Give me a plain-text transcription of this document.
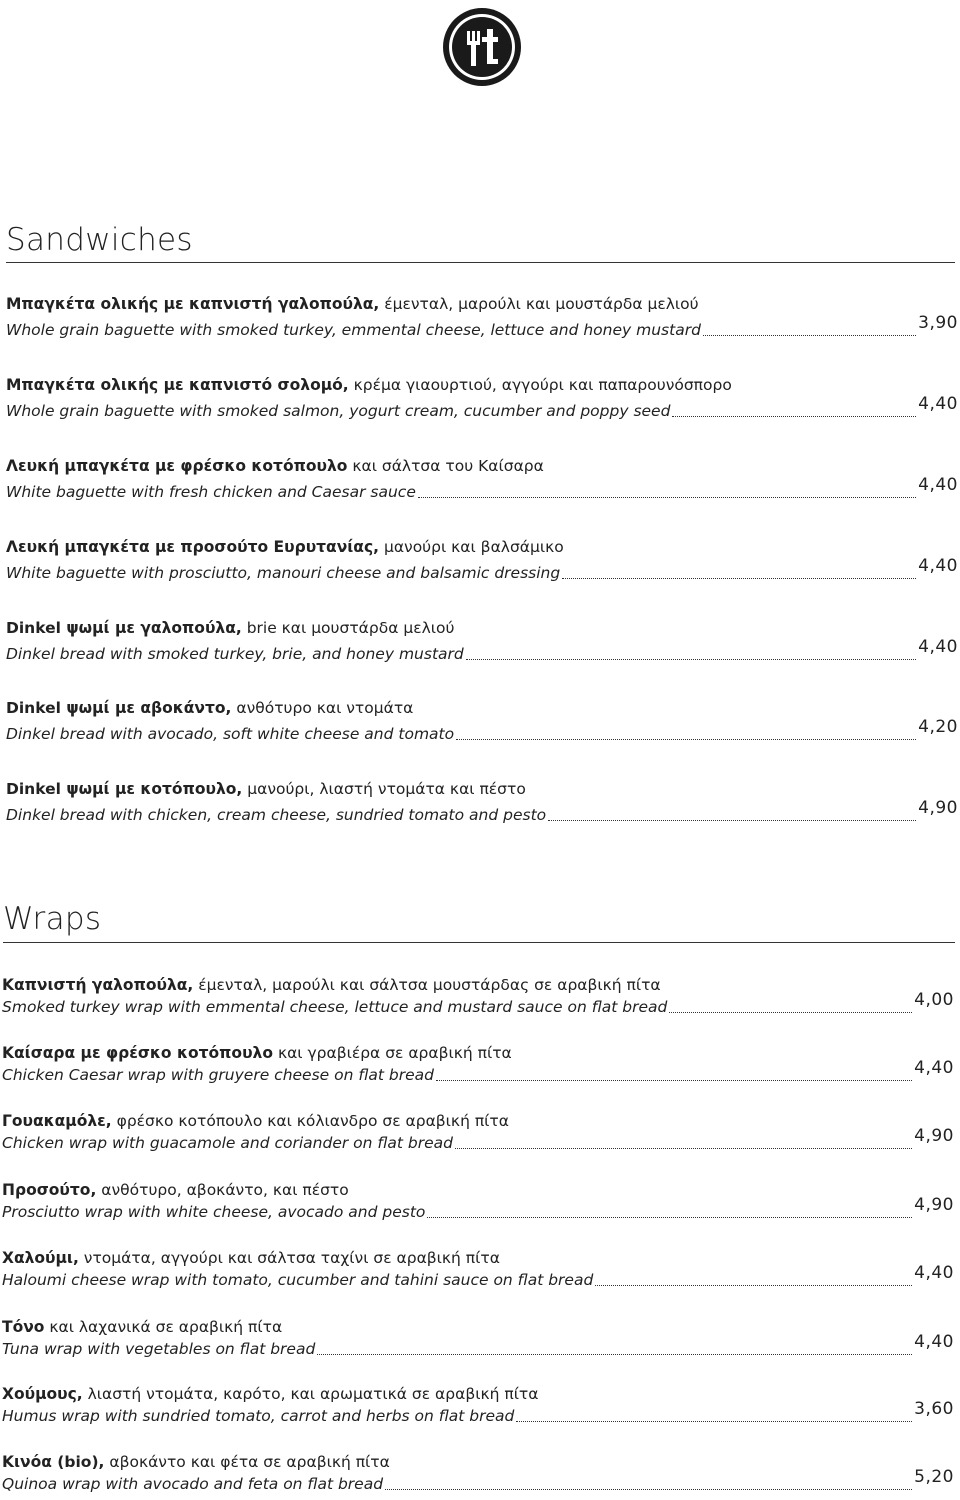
Sandwiches
Μπαγκέτα ολικής με καπνιστή γαλοπούλα, έμενταλ, μαρούλι και μουστάρδα μελιού
Whole grain baguette with smoked turkey, emmental cheese, lettuce and honey mustard	3,90
Μπαγκέτα ολικής με καπνιστό σολομό, κρέμα γιαουρτιού, αγγούρι και παπαρουνόσπορο
Whole grain baguette with smoked salmon, yogurt cream, cucumber and poppy seed	4,40
Λευκή μπαγκέτα με φρέσκο κοτόπουλο και σάλτσα του Καίσαρα
White baguette with fresh chicken and Caesar sauce	4,40
Λευκή μπαγκέτα με προσούτο Ευρυτανίας, μανούρι και βαλσάμικο
White baguette with prosciutto, manouri cheese and balsamic dressing	4,40
Dinkel ψωμί με γαλοπούλα, brie και μουστάρδα μελιού
Dinkel bread with smoked turkey, brie, and honey mustard	4,40
Dinkel ψωμί με αβοκάντο, ανθότυρο και ντομάτα
Dinkel bread with avocado, soft white cheese and tomato	4,20
Dinkel ψωμί με κοτόπουλο, μανούρι, λιαστή ντομάτα και πέστο
Dinkel bread with chicken, cream cheese, sundried tomato and pesto	4,90
Wraps
Καπνιστή γαλοπούλα, έμενταλ, μαρούλι και σάλτσα μουστάρδας σε αραβική πίτα
Smoked turkey wrap with emmental cheese, lettuce and mustard sauce on flat bread	4,00
Καίσαρα με φρέσκο κοτόπουλο και γραβιέρα σε αραβική πίτα
Chicken Caesar wrap with gruyere cheese on flat bread	4,40
Γουακαμόλε, φρέσκο κοτόπουλο και κόλιανδρο σε αραβική πίτα
Chicken wrap with guacamole and coriander on flat bread	4,90
Προσούτο, ανθότυρο, αβοκάντο, και πέστο
Prosciutto wrap with white cheese, avocado and pesto	4,90
Χαλούμι, ντομάτα, αγγούρι και σάλτσα ταχίνι σε αραβική πίτα
Haloumi cheese wrap with tomato, cucumber and tahini sauce on flat bread	4,40
Τόνο και λαχανικά σε αραβική πίτα
Tuna wrap with vegetables on flat bread	4,40
Χούμους, λιαστή ντομάτα, καρότο, και αρωματικά σε αραβική πίτα
Humus wrap with sundried tomato, carrot and herbs on flat bread	3,60
Κινόα (bio), αβοκάντο και φέτα σε αραβική πίτα
Quinoa wrap with avocado and feta on flat bread	5,20
